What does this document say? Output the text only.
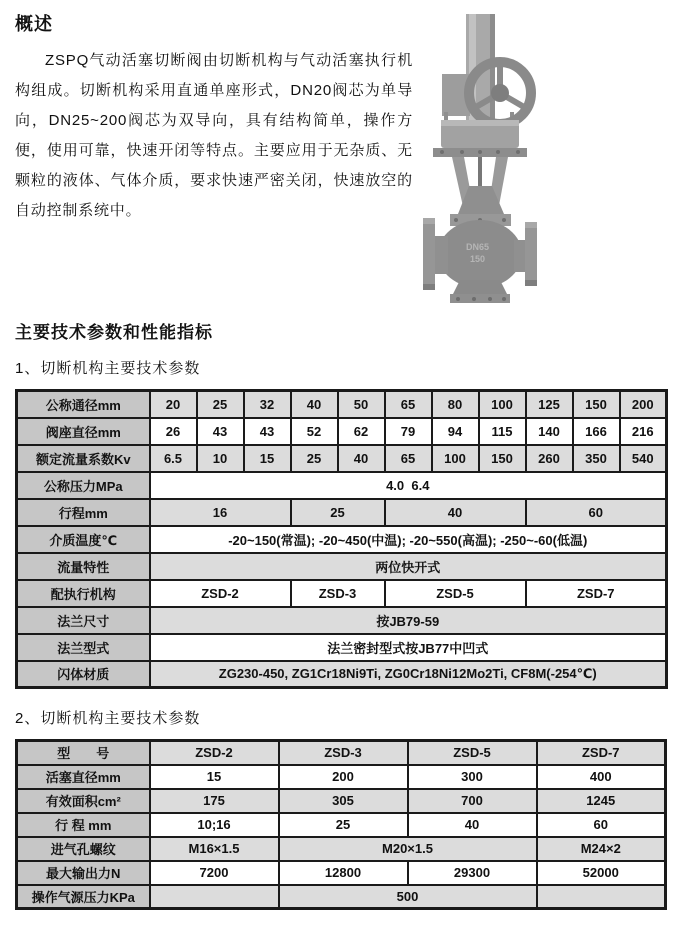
概述

ZSPQ气动活塞切断阀由切断机构与气动活塞执行机构组成。切断机构采用直通单座形式，DN20阀芯为单导向，DN25~200阀芯为双导向，具有结构简单，操作方便，使用可靠，快速开闭等特点。主要应用于无杂质、无颗粒的液体、气体介质，要求快速严密关闭，快速放空的自动控制系统中。

DN65
150
主要技术参数和性能指标
1、切断机构主要技术参数
公称通径mm	20	25	32	40	50	65	80	100	125	150	200
阀座直径mm	26	43	43	52	62	79	94	115	140	166	216
额定流量系数Kv	6.5	10	15	25	40	65	100	150	260	350	540
公称压力MPa	4.0  6.4										
行程mm	16			25		40			60		
介质温度℃	-20~150(常温); -20~450(中温); -20~550(高温); -250~-60(低温)										
流量特性	两位快开式										
配执行机构	ZSD-2			ZSD-3		ZSD-5			ZSD-7		
法兰尺寸	按JB79-59										
法兰型式	法兰密封型式按JB77中凹式										
闪体材质	ZG230-450, ZG1Cr18Ni9Ti, ZG0Cr18Ni12Mo2Ti, CF8M(-254℃)										
2、切断机构主要技术参数
型　　号	ZSD-2	ZSD-3	ZSD-5	ZSD-7
活塞直径mm	15	200	300	400
有效面积cm²	175	305	700	1245
行 程 mm	10;16	25	40	60
进气孔螺纹	M16×1.5	M20×1.5		M24×2
最大输出力N	7200	12800	29300	52000
操作气源压力KPa		500		
